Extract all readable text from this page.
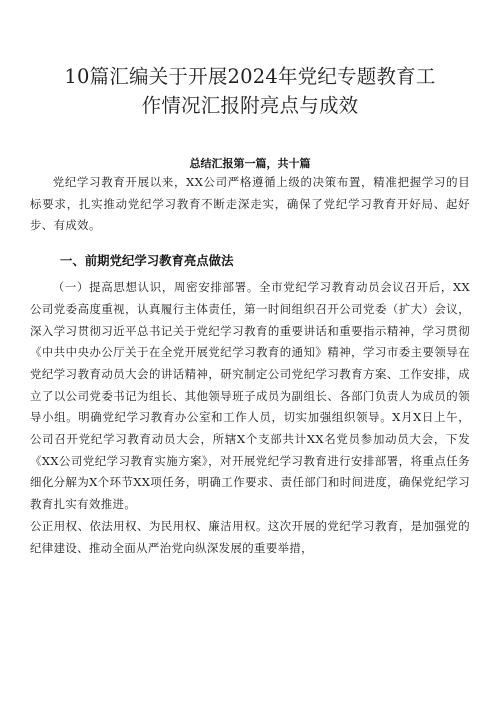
10篇汇编关于开展2024年党纪专题教育工
作情况汇报附亮点与成效
总结汇报第一篇，共十篇

党纪学习教育开展以来，XX公司严格遵循上级的决策布置，精准把握学习的目标要求，扎实推动党纪学习教育不断走深走实，确保了党纪学习教育开好局、起好步、有成效。

一、前期党纪学习教育亮点做法

（一）提高思想认识，周密安排部署。全市党纪学习教育动员会议召开后，XX公司党委高度重视，认真履行主体责任，第一时间组织召开公司党委（扩大）会议，深入学习贯彻习近平总书记关于党纪学习教育的重要讲话和重要指示精神，学习贯彻《中共中央办公厅关于在全党开展党纪学习教育的通知》精神，学习市委主要领导在党纪学习教育动员大会的讲话精神，研究制定公司党纪学习教育方案、工作安排，成立了以公司党委书记为组长、其他领导班子成员为副组长、各部门负责人为成员的领导小组。明确党纪学习教育办公室和工作人员，切实加强组织领导。X月X日上午，公司召开党纪学习教育动员大会，所辖X个支部共计XX名党员参加动员大会，下发《XX公司党纪学习教育实施方案》，对开展党纪学习教育进行安排部署，将重点任务细化分解为X个环节XX项任务，明确工作要求、责任部门和时间进度，确保党纪学习教育扎实有效推进。

公正用权、依法用权、为民用权、廉洁用权。这次开展的党纪学习教育，是加强党的纪律建设、推动全面从严治党向纵深发展的重要举措，
